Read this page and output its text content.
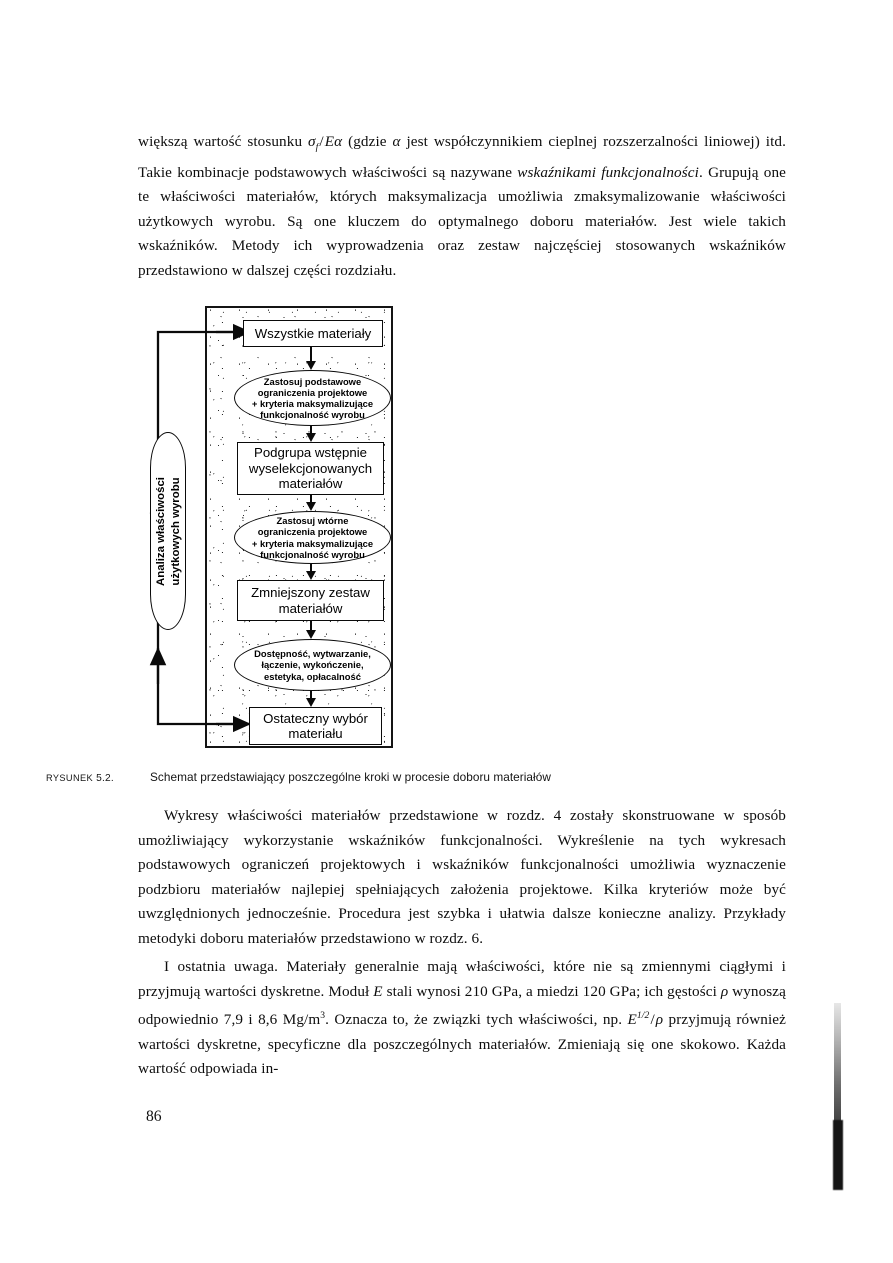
większą wartość stosunku $\sigma_f/E\alpha$ (gdzie α jest współczynnikiem cieplnej rozszerzalności liniowej) itd. Takie kombinacje podstawowych właściwości są nazywane wskaźnikami funkcjonalności. Grupują one te właściwości materiałów, których maksymalizacja umożliwia zmaksymalizowanie właściwości użytkowych wyrobu. Są one kluczem do optymalnego doboru materiałów. Jest wiele takich wskaźników. Metody ich wyprowadzenia oraz zestaw najczęściej stosowanych wskaźników przedstawiono w dalszej części rozdziału.
Analiza właściwości użytkowych wyrobu
Wszystkie materiały
Zastosuj podstawowe
ograniczenia projektowe
+ kryteria maksymalizujące
funkcjonalność wyrobu
Podgrupa wstępnie
wyselekcjonowanych
materiałów
Zastosuj wtórne
ograniczenia projektowe
+ kryteria maksymalizujące
funkcjonalność wyrobu
Zmniejszony zestaw
materiałów
Dostępność, wytwarzanie,
łączenie, wykończenie,
estetyka, opłacalność
Ostateczny wybór
materiału
RYSUNEK 5.2.	Schemat przedstawiający poszczególne kroki w procesie doboru materiałów
Wykresy właściwości materiałów przedstawione w rozdz. 4 zostały skonstruowane w sposób umożliwiający wykorzystanie wskaźników funkcjonalności. Wykreślenie na tych wykresach podstawowych ograniczeń projektowych i wskaźników funkcjonalności umożliwia wyznaczenie podzbioru materiałów najlepiej spełniających założenia projektowe. Kilka kryteriów może być uwzględnionych jednocześnie. Procedura jest szybka i ułatwia dalsze konieczne analizy. Przykłady metodyki doboru materiałów przedstawiono w rozdz. 6.
I ostatnia uwaga. Materiały generalnie mają właściwości, które nie są zmiennymi ciągłymi i przyjmują wartości dyskretne. Moduł E stali wynosi 210 GPa, a miedzi 120 GPa; ich gęstości ρ wynoszą odpowiednio 7,9 i 8,6 $Mg/m^3$. Oznacza to, że związki tych właściwości, np. $E^{1/2}/\rho$ przyjmują również wartości dyskretne, specyficzne dla poszczególnych materiałów. Zmieniają się one skokowo. Każda wartość odpowiada in-
86
